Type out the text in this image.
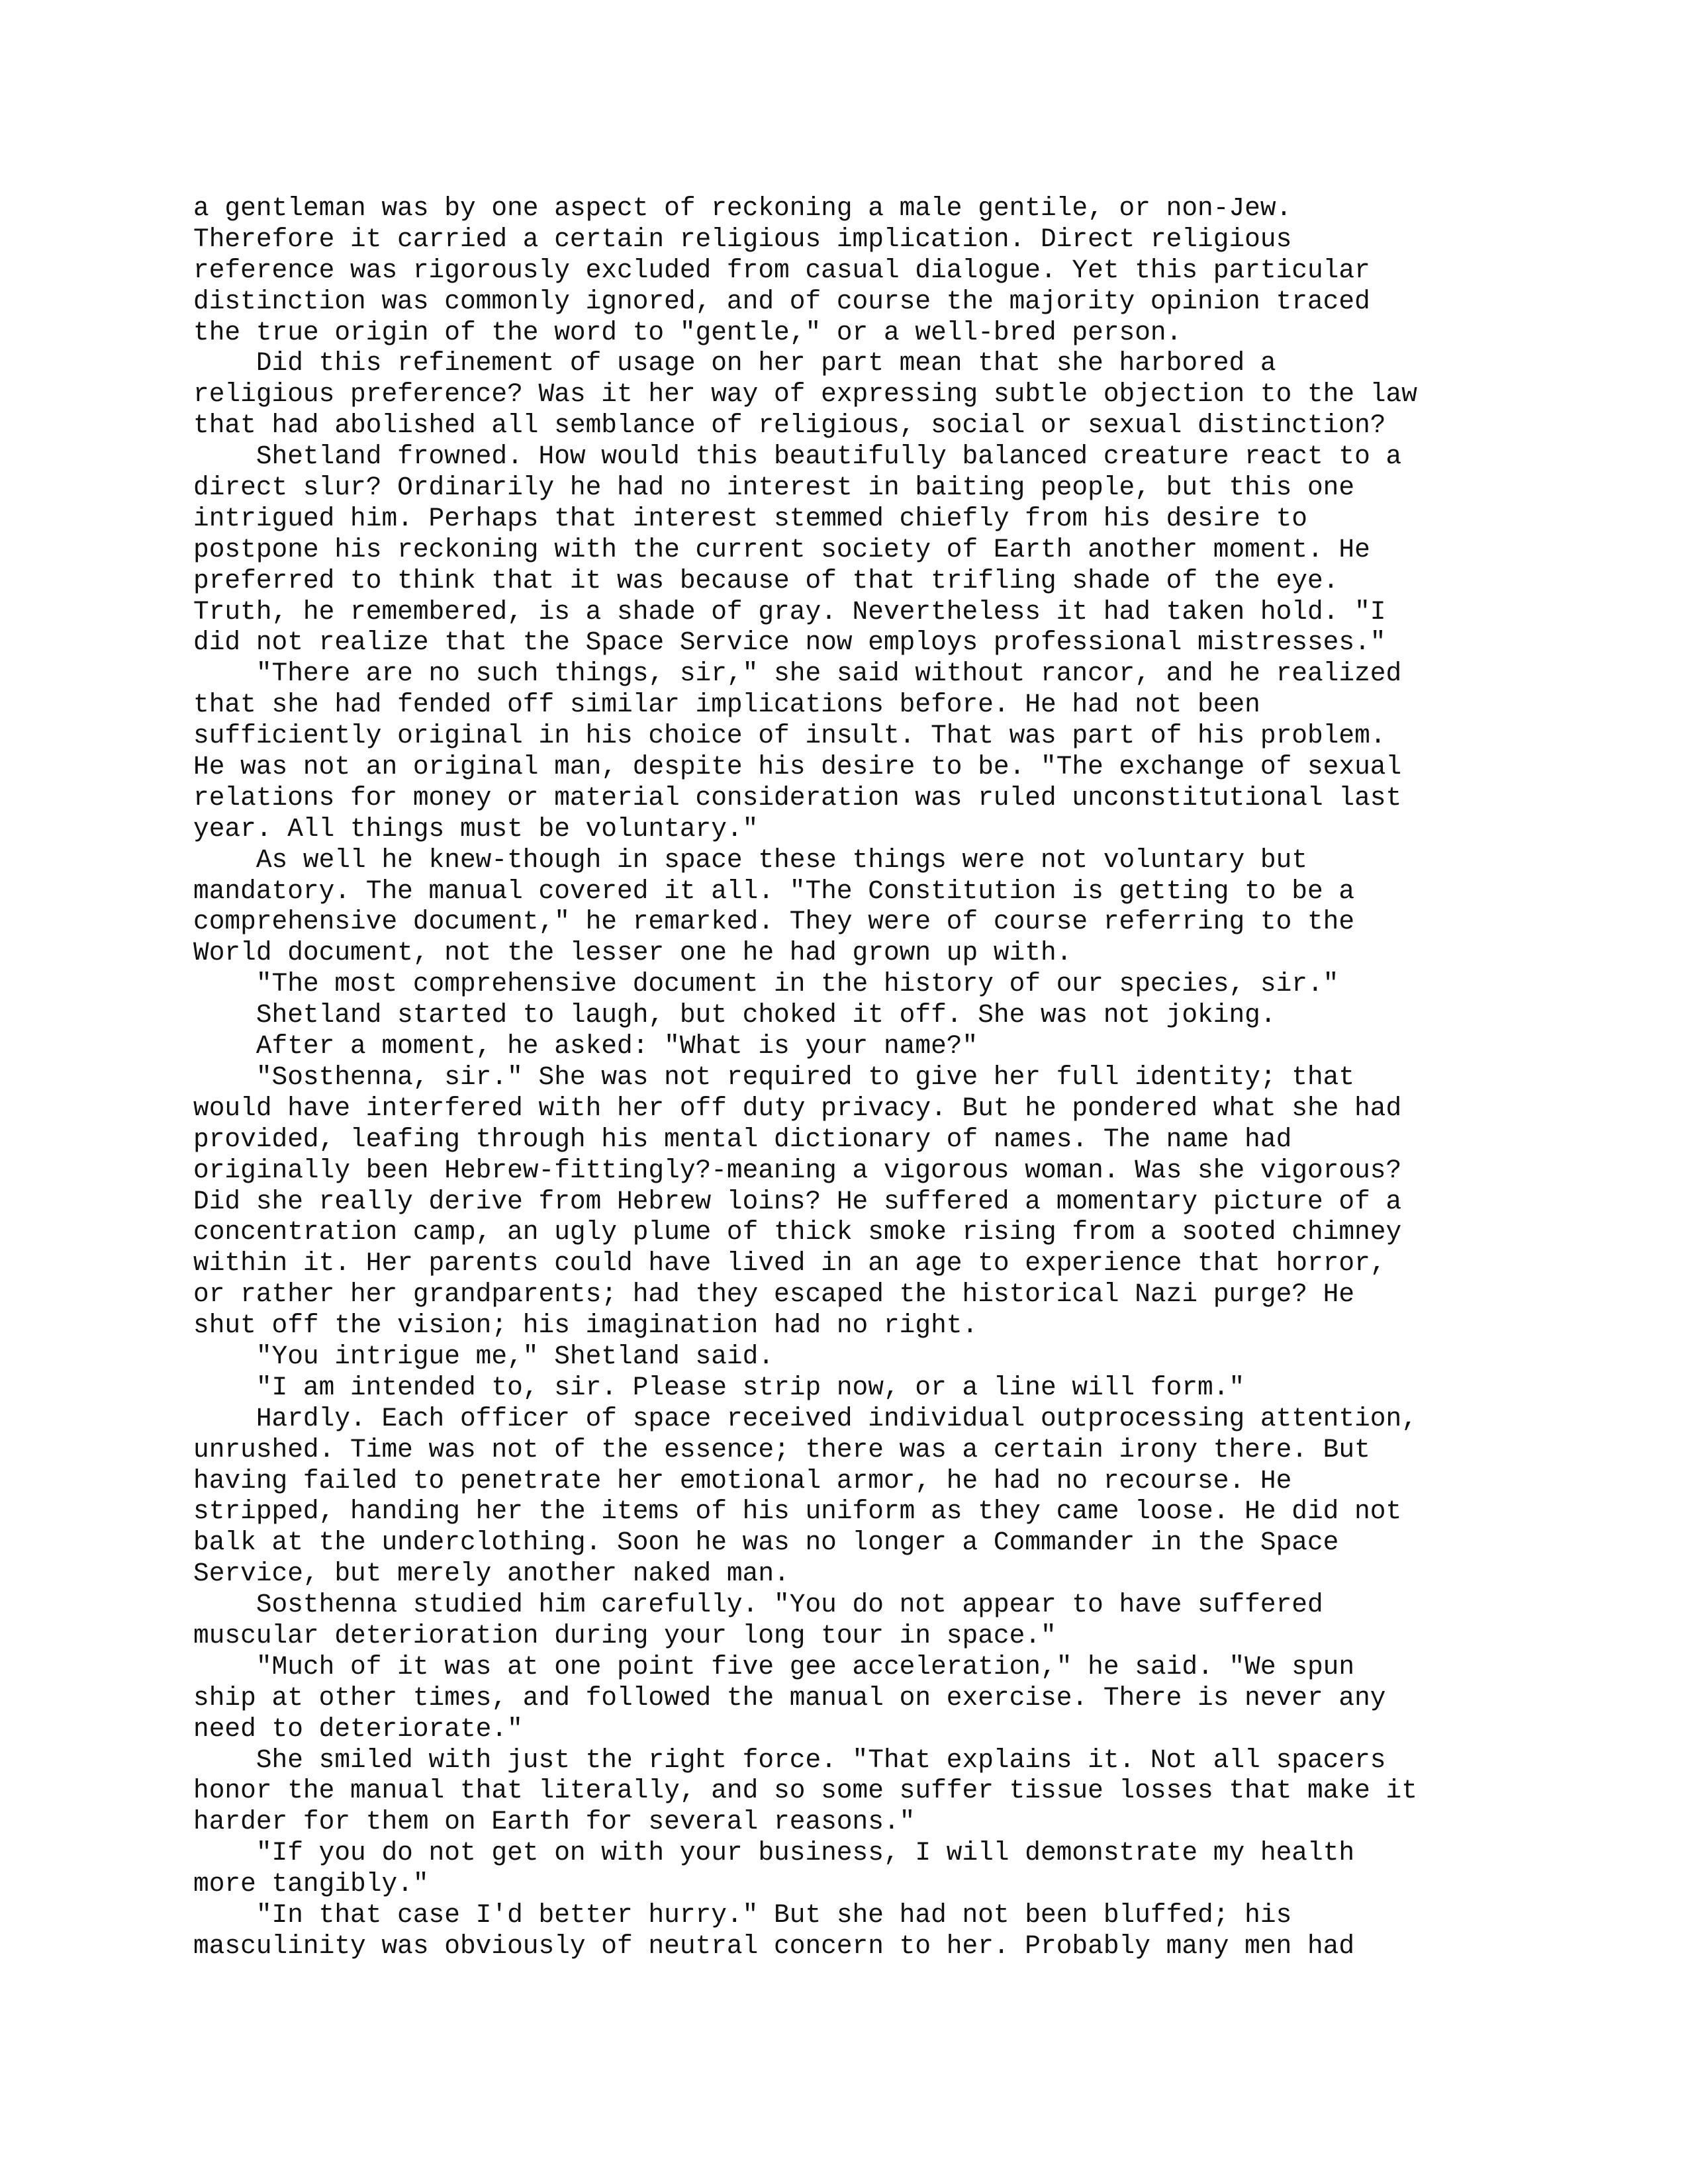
a gentleman was by one aspect of reckoning a male gentile, or non-Jew.
Therefore it carried a certain religious implication. Direct religious
reference was rigorously excluded from casual dialogue. Yet this particular
distinction was commonly ignored, and of course the majority opinion traced
the true origin of the word to "gentle," or a well-bred person.
Did this refinement of usage on her part mean that she harbored a
religious preference? Was it her way of expressing subtle objection to the law
that had abolished all semblance of religious, social or sexual distinction?
Shetland frowned. How would this beautifully balanced creature react to a
direct slur? Ordinarily he had no interest in baiting people, but this one
intrigued him. Perhaps that interest stemmed chiefly from his desire to
postpone his reckoning with the current society of Earth another moment. He
preferred to think that it was because of that trifling shade of the eye.
Truth, he remembered, is a shade of gray. Nevertheless it had taken hold. "I
did not realize that the Space Service now employs professional mistresses."
"There are no such things, sir," she said without rancor, and he realized
that she had fended off similar implications before. He had not been
sufficiently original in his choice of insult. That was part of his problem.
He was not an original man, despite his desire to be. "The exchange of sexual
relations for money or material consideration was ruled unconstitutional last
year. All things must be voluntary."
As well he knew-though in space these things were not voluntary but
mandatory. The manual covered it all. "The Constitution is getting to be a
comprehensive document," he remarked. They were of course referring to the
World document, not the lesser one he had grown up with.
"The most comprehensive document in the history of our species, sir."
Shetland started to laugh, but choked it off. She was not joking.
After a moment, he asked: "What is your name?"
"Sosthenna, sir." She was not required to give her full identity; that
would have interfered with her off duty privacy. But he pondered what she had
provided, leafing through his mental dictionary of names. The name had
originally been Hebrew-fittingly?-meaning a vigorous woman. Was she vigorous?
Did she really derive from Hebrew loins? He suffered a momentary picture of a
concentration camp, an ugly plume of thick smoke rising from a sooted chimney
within it. Her parents could have lived in an age to experience that horror,
or rather her grandparents; had they escaped the historical Nazi purge? He
shut off the vision; his imagination had no right.
"You intrigue me," Shetland said.
"I am intended to, sir. Please strip now, or a line will form."
Hardly. Each officer of space received individual outprocessing attention,
unrushed. Time was not of the essence; there was a certain irony there. But
having failed to penetrate her emotional armor, he had no recourse. He
stripped, handing her the items of his uniform as they came loose. He did not
balk at the underclothing. Soon he was no longer a Commander in the Space
Service, but merely another naked man.
Sosthenna studied him carefully. "You do not appear to have suffered
muscular deterioration during your long tour in space."
"Much of it was at one point five gee acceleration," he said. "We spun
ship at other times, and followed the manual on exercise. There is never any
need to deteriorate."
She smiled with just the right force. "That explains it. Not all spacers
honor the manual that literally, and so some suffer tissue losses that make it
harder for them on Earth for several reasons."
"If you do not get on with your business, I will demonstrate my health
more tangibly."
"In that case I'd better hurry." But she had not been bluffed; his
masculinity was obviously of neutral concern to her. Probably many men had
